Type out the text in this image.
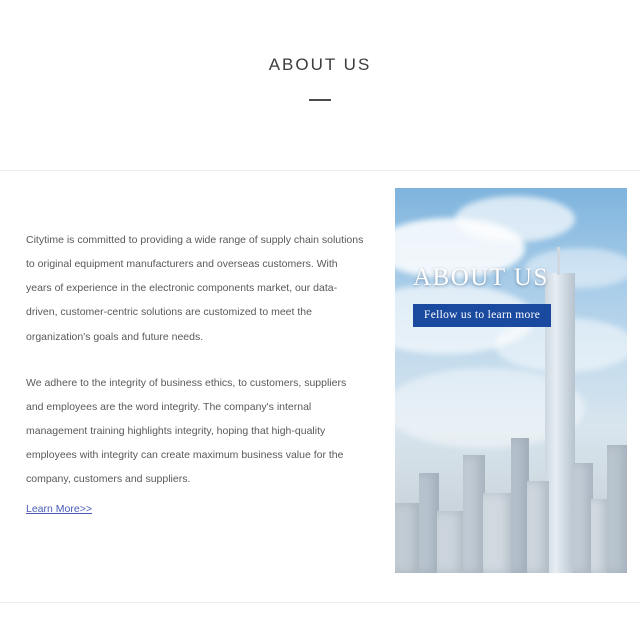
ABOUT US

Citytime is committed to providing a wide range of supply chain solutions to original equipment manufacturers and overseas customers. With years of experience in the electronic components market, our data-driven, customer-centric solutions are customized to meet the organization's goals and future needs.

We adhere to the integrity of business ethics, to customers, suppliers and employees are the word integrity. The company's internal management training highlights integrity, hoping that high-quality employees with integrity can create maximum business value for the company, customers and suppliers.

Learn More>>
ABOUT US
Fellow us to learn more
